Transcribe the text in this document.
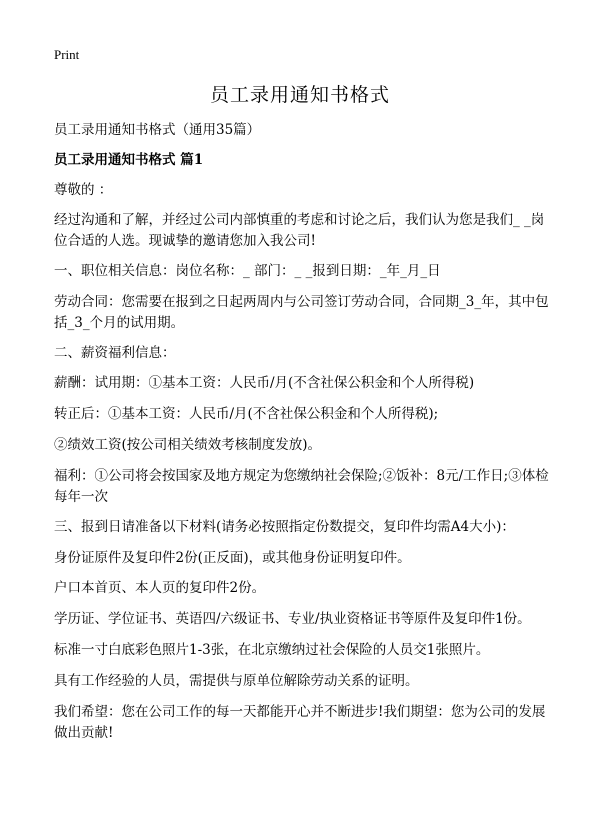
Print
员工录用通知书格式
员工录用通知书格式（通用35篇）
员工录用通知书格式 篇1
尊敬的 ：
经过沟通和了解，并经过公司内部慎重的考虑和讨论之后，我们认为您是我们_ _岗位合适的人选。现诚挚的邀请您加入我公司!
一、职位相关信息：岗位名称：_ 部门：_ _报到日期：_年_月_日
劳动合同：您需要在报到之日起两周内与公司签订劳动合同，合同期_3_年，其中包括_3_个月的试用期。
二、薪资福利信息：
薪酬：试用期：①基本工资：人民币/月(不含社保公积金和个人所得税)
转正后：①基本工资：人民币/月(不含社保公积金和个人所得税);
②绩效工资(按公司相关绩效考核制度发放)。
福利：①公司将会按国家及地方规定为您缴纳社会保险;②饭补：8元/工作日;③体检每年一次
三、报到日请准备以下材料(请务必按照指定份数提交，复印件均需A4大小)：
身份证原件及复印件2份(正反面)，或其他身份证明复印件。
户口本首页、本人页的复印件2份。
学历证、学位证书、英语四/六级证书、专业/执业资格证书等原件及复印件1份。
标准一寸白底彩色照片1-3张，在北京缴纳过社会保险的人员交1张照片。
具有工作经验的人员，需提供与原单位解除劳动关系的证明。
我们希望：您在公司工作的每一天都能开心并不断进步!我们期望：您为公司的发展做出贡献!
